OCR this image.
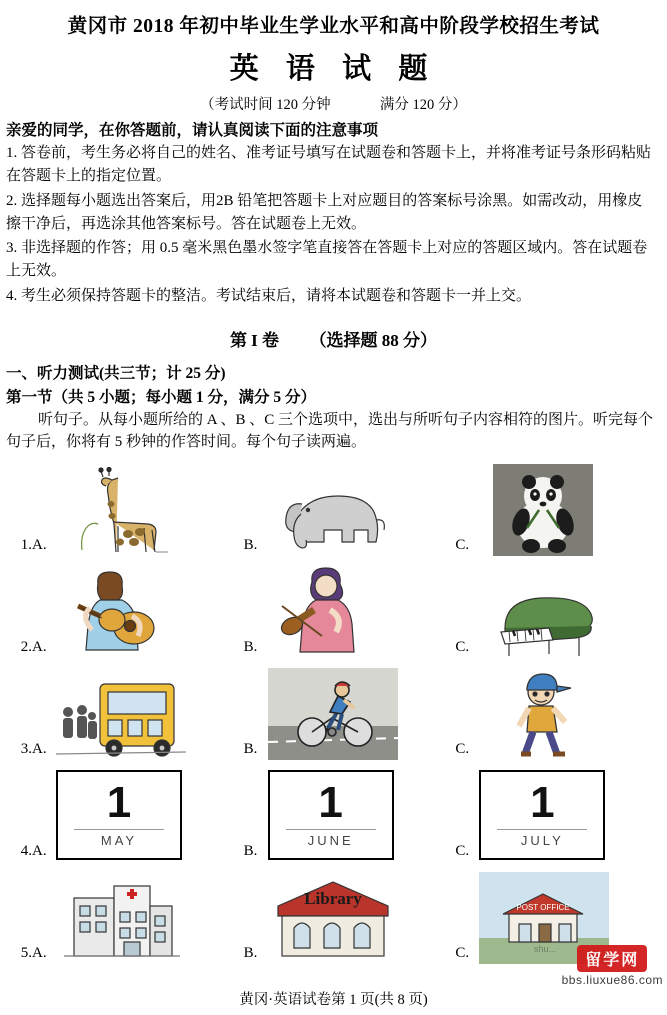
黄冈市 2018 年初中毕业生学业水平和高中阶段学校招生考试
英 语 试 题
（考试时间 120 分钟	满分 120 分）
亲爱的同学，在你答题前，请认真阅读下面的注意事项
1. 答卷前，考生务必将自己的姓名、准考证号填写在试题卷和答题卡上，并将准考证号条形码粘贴在答题卡上的指定位置。
2. 选择题每小题选出答案后，用2B 铅笔把答题卡上对应题目的答案标号涂黑。如需改动，用橡皮擦干净后，再选涂其他答案标号。答在试题卷上无效。
3. 非选择题的作答；用 0.5 毫米黑色墨水签字笔直接答在答题卡上对应的答题区域内。答在试题卷上无效。
4. 考生必须保持答题卡的整洁。考试结束后，请将本试题卷和答题卡一并上交。
第 I 卷 （选择题 88 分）
一、听力测试(共三节；计 25 分)
第一节（共 5 小题；每小题 1 分，满分 5 分）
听句子。从每小题所给的 A 、B 、C 三个选项中，选出与所听句子内容相符的图片。听完每个句子后，你将有 5 秒钟的作答时间。每个句子读两遍。
1. A.	B.	C.
2. A.	B.	C.
3. A.	B.	C.
4. A.
1
MAY
B.
1
JUNE
C.
1
JULY
5. A.	B.
Library
C.
POST OFFICE
shu...
留学网
bbs.liuxue86.com
黄冈·英语试卷第 1 页(共 8 页)
